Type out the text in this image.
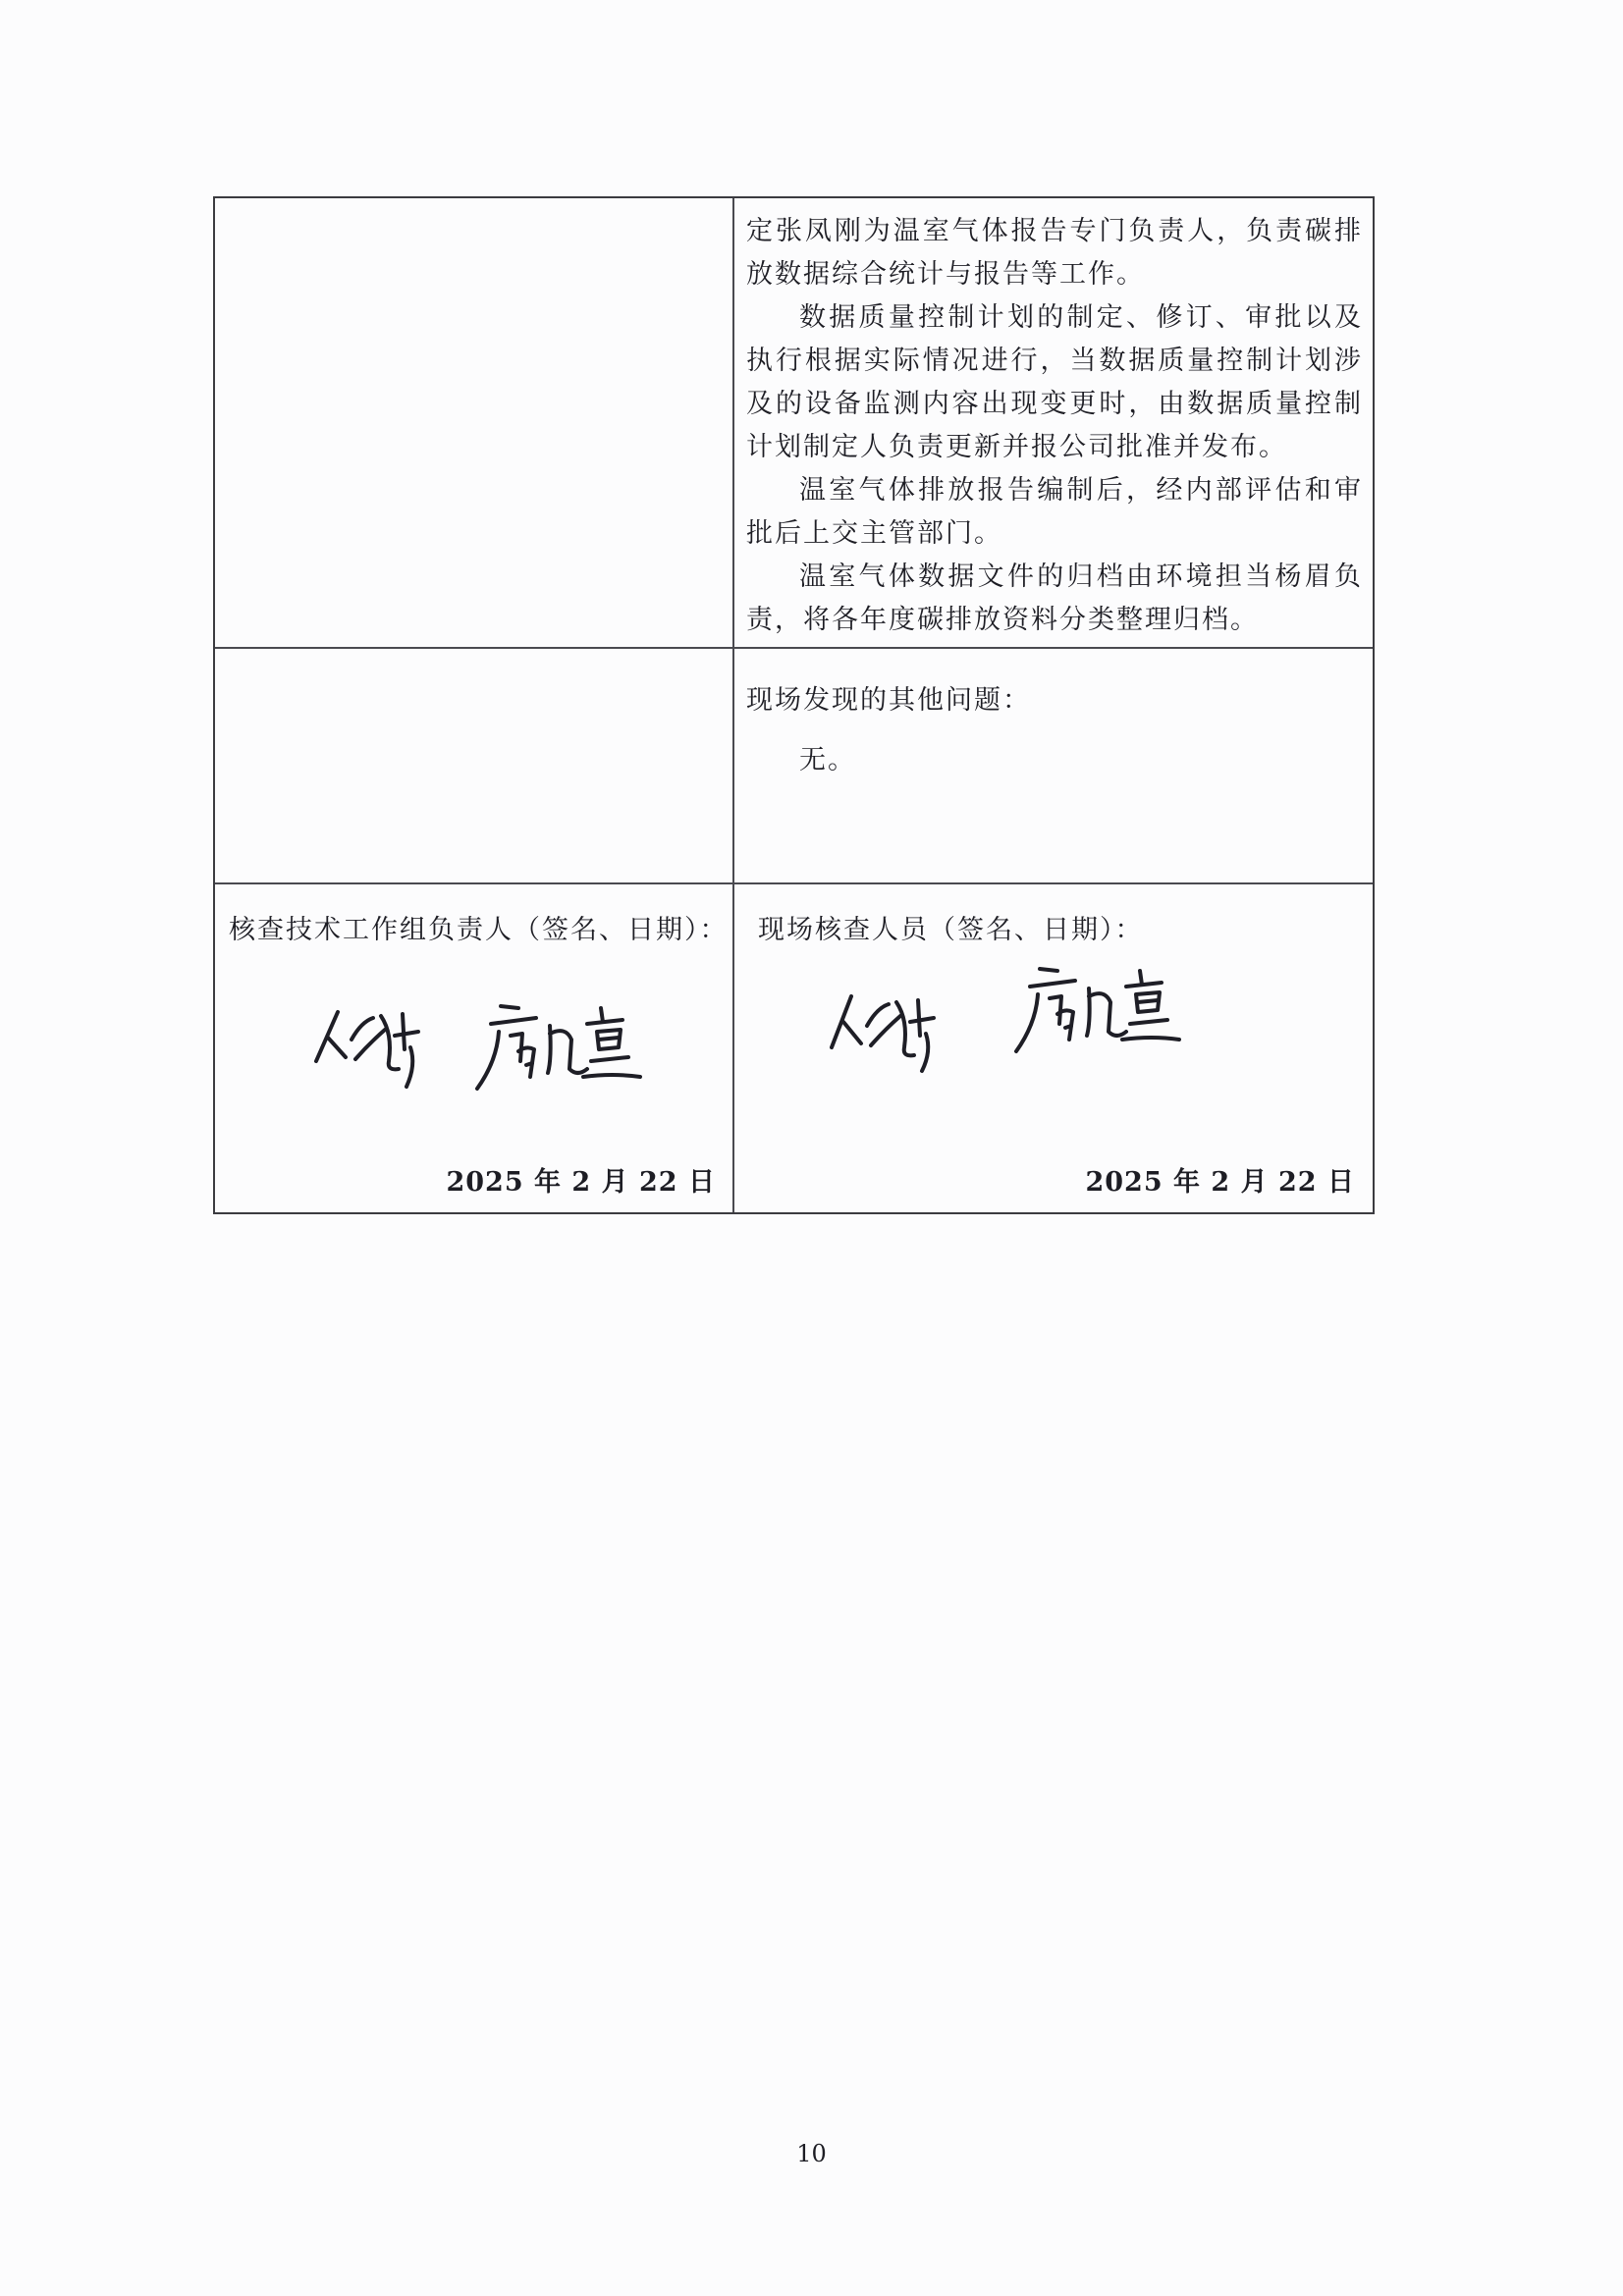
定张凤刚为温室气体报告专门负责人，负责碳排放数据综合统计与报告等工作。

数据质量控制计划的制定、修订、审批以及执行根据实际情况进行，当数据质量控制计划涉及的设备监测内容出现变更时，由数据质量控制计划制定人负责更新并报公司批准并发布。

温室气体排放报告编制后，经内部评估和审批后上交主管部门。

温室气体数据文件的归档由环境担当杨眉负责，将各年度碳排放资料分类整理归档。

现场发现的其他问题：

无。

核查技术工作组负责人（签名、日期）： 现场核查人员（签名、日期）：
2025 年 2 月 22 日	2025 年 2 月 22 日
10
